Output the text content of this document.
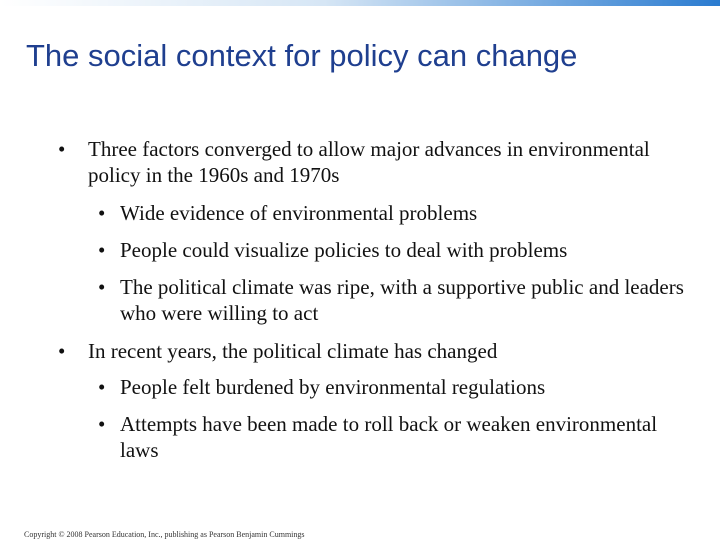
The social context for policy can change
• Three factors converged to allow major advances in environmental policy in the 1960s and 1970s
• Wide evidence of environmental problems
• People could visualize policies to deal with problems
• The political climate was ripe, with a supportive public and leaders who were willing to act
• In recent years, the political climate has changed
• People felt burdened by environmental regulations
• Attempts have been made to roll back or weaken environmental laws
Copyright © 2008 Pearson Education, Inc., publishing as Pearson Benjamin Cummings
